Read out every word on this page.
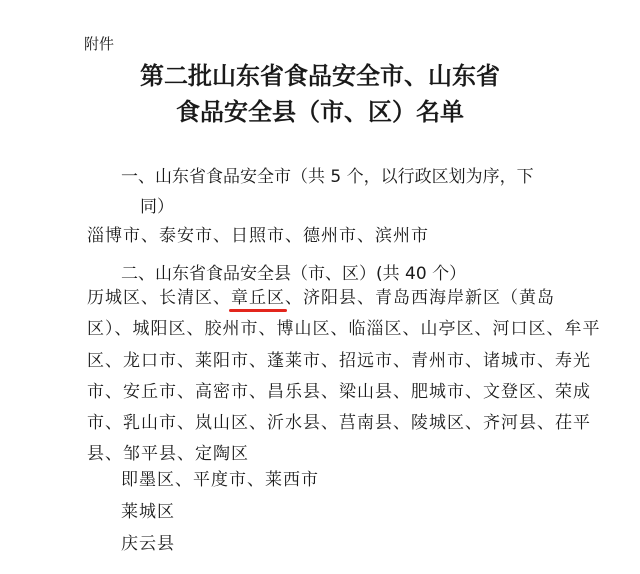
附件
第二批山东省食品安全市、山东省
食品安全县（市、区）名单
一、山东省食品安全市（共 5 个，以行政区划为序，下
同）
淄博市、泰安市、日照市、德州市、滨州市
二、山东省食品安全县（市、区）(共 40 个）
历城区、长清区、章丘区、济阳县、青岛西海岸新区（黄岛
区）、城阳区、胶州市、博山区、临淄区、山亭区、河口区、牟平
区、龙口市、莱阳市、蓬莱市、招远市、青州市、诸城市、寿光
市、安丘市、高密市、昌乐县、梁山县、肥城市、文登区、荣成
市、乳山市、岚山区、沂水县、莒南县、陵城区、齐河县、茌平
县、邹平县、定陶区
即墨区、平度市、莱西市
莱城区
庆云县
